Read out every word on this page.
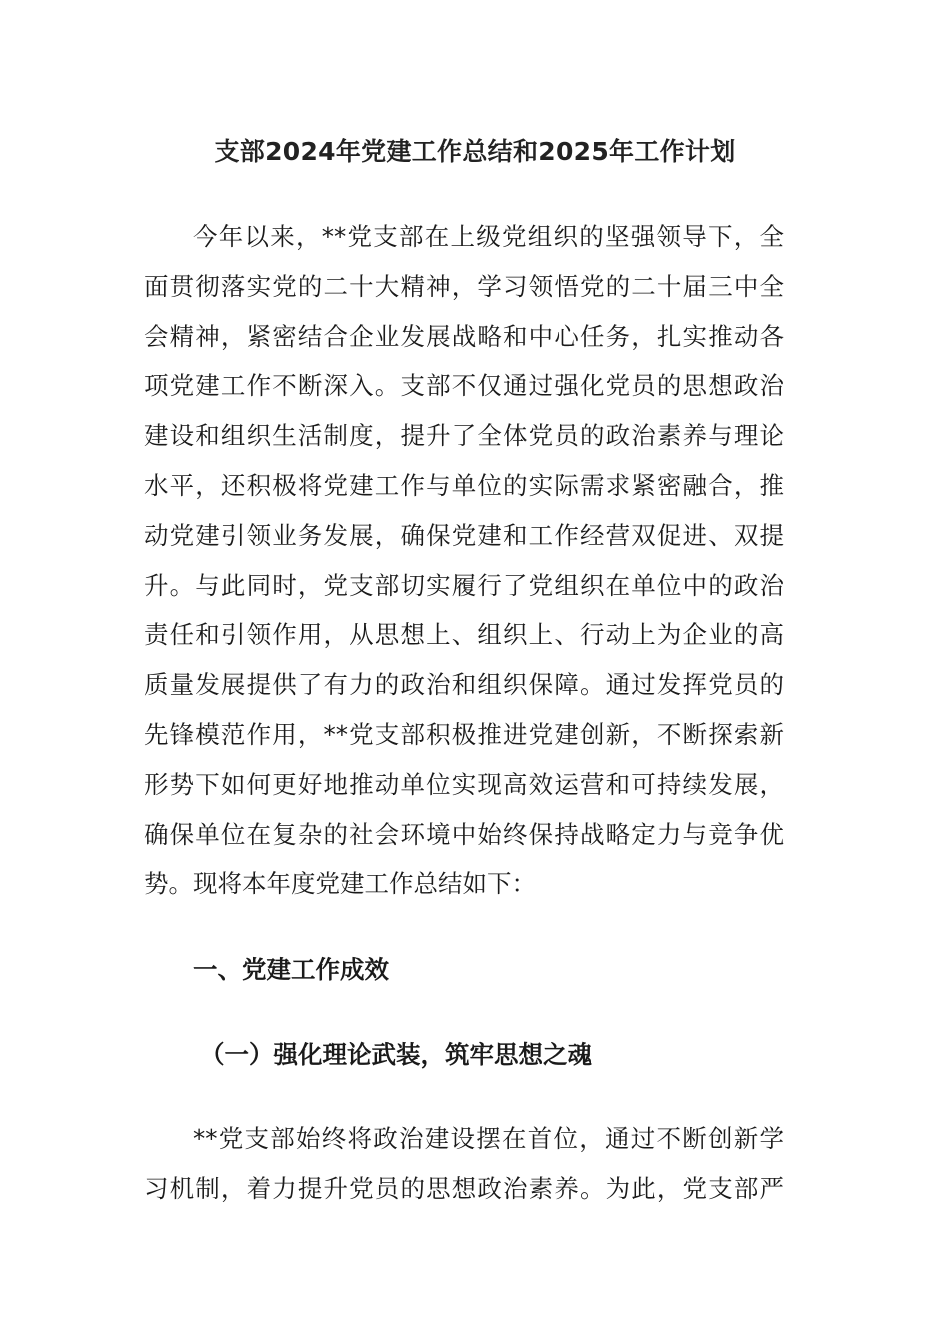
支部2024年党建工作总结和2025年工作计划
今年以来，**党支部在上级党组织的坚强领导下，全
面贯彻落实党的二十大精神，学习领悟党的二十届三中全
会精神，紧密结合企业发展战略和中心任务，扎实推动各
项党建工作不断深入。支部不仅通过强化党员的思想政治
建设和组织生活制度，提升了全体党员的政治素养与理论
水平，还积极将党建工作与单位的实际需求紧密融合，推
动党建引领业务发展，确保党建和工作经营双促进、双提
升。与此同时，党支部切实履行了党组织在单位中的政治
责任和引领作用，从思想上、组织上、行动上为企业的高
质量发展提供了有力的政治和组织保障。通过发挥党员的
先锋模范作用，**党支部积极推进党建创新，不断探索新
形势下如何更好地推动单位实现高效运营和可持续发展，
确保单位在复杂的社会环境中始终保持战略定力与竞争优
势。现将本年度党建工作总结如下：
一、党建工作成效
（一）强化理论武装，筑牢思想之魂
**党支部始终将政治建设摆在首位，通过不断创新学
习机制，着力提升党员的思想政治素养。为此，党支部严
